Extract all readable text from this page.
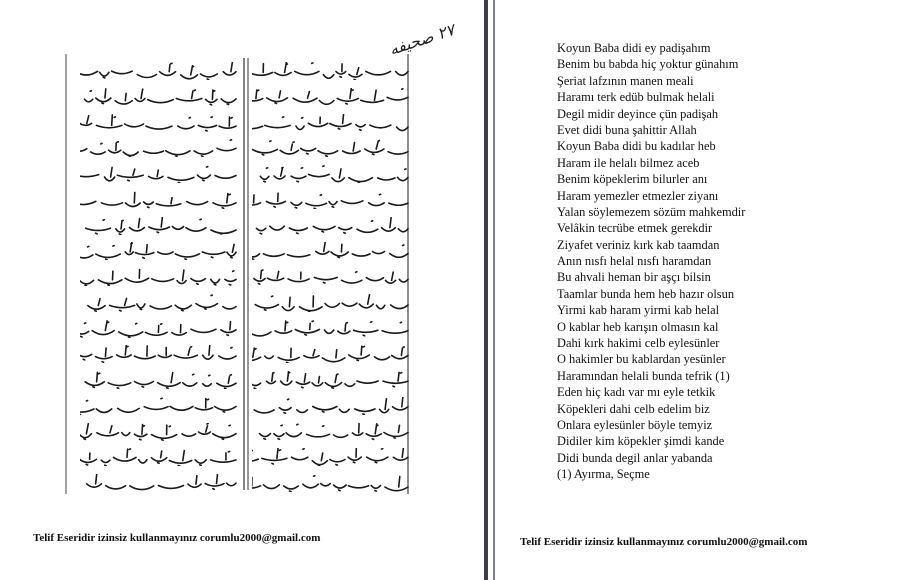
٢٧ صحيفه
Telif Eseridir izinsiz kullanmayınız corumlu2000@gmail.com
Koyun Baba didi ey padişahım
Benim bu babda hiç yoktur günahım
Şeriat lafzının manen meali
Haramı terk edüb bulmak helali
Degil midir deyince çün padişah
Evet didi buna şahittir Allah
Koyun Baba didi bu kadılar heb
Haram ile helalı bilmez aceb
Benim köpeklerim bilurler anı
Haram yemezler etmezler ziyanı
Yalan söylemezem sözüm mahkemdir
Velâkin tecrübe etmek gerekdir
Ziyafet veriniz kırk kab taamdan
Anın nısfı helal nısfı haramdan
Bu ahvali heman bir aşçı bilsin
Taamlar bunda hem heb hazır olsun
Yirmi kab haram yirmi kab helal
O kablar heb karışın olmasın kal
Dahi kırk hakimi celb eylesünler
O hakimler bu kablardan yesünler
Haramından helali bunda tefrik (1)
Eden hiç kadı var mı eyle tetkik
Köpekleri dahi celb edelim biz
Onlara eylesünler böyle temyiz
Didiler kim köpekler şimdi kande
Didi bunda degil anlar yabanda
(1) Ayırma, Seçme
Telif Eseridir izinsiz kullanmayınız corumlu2000@gmail.com
